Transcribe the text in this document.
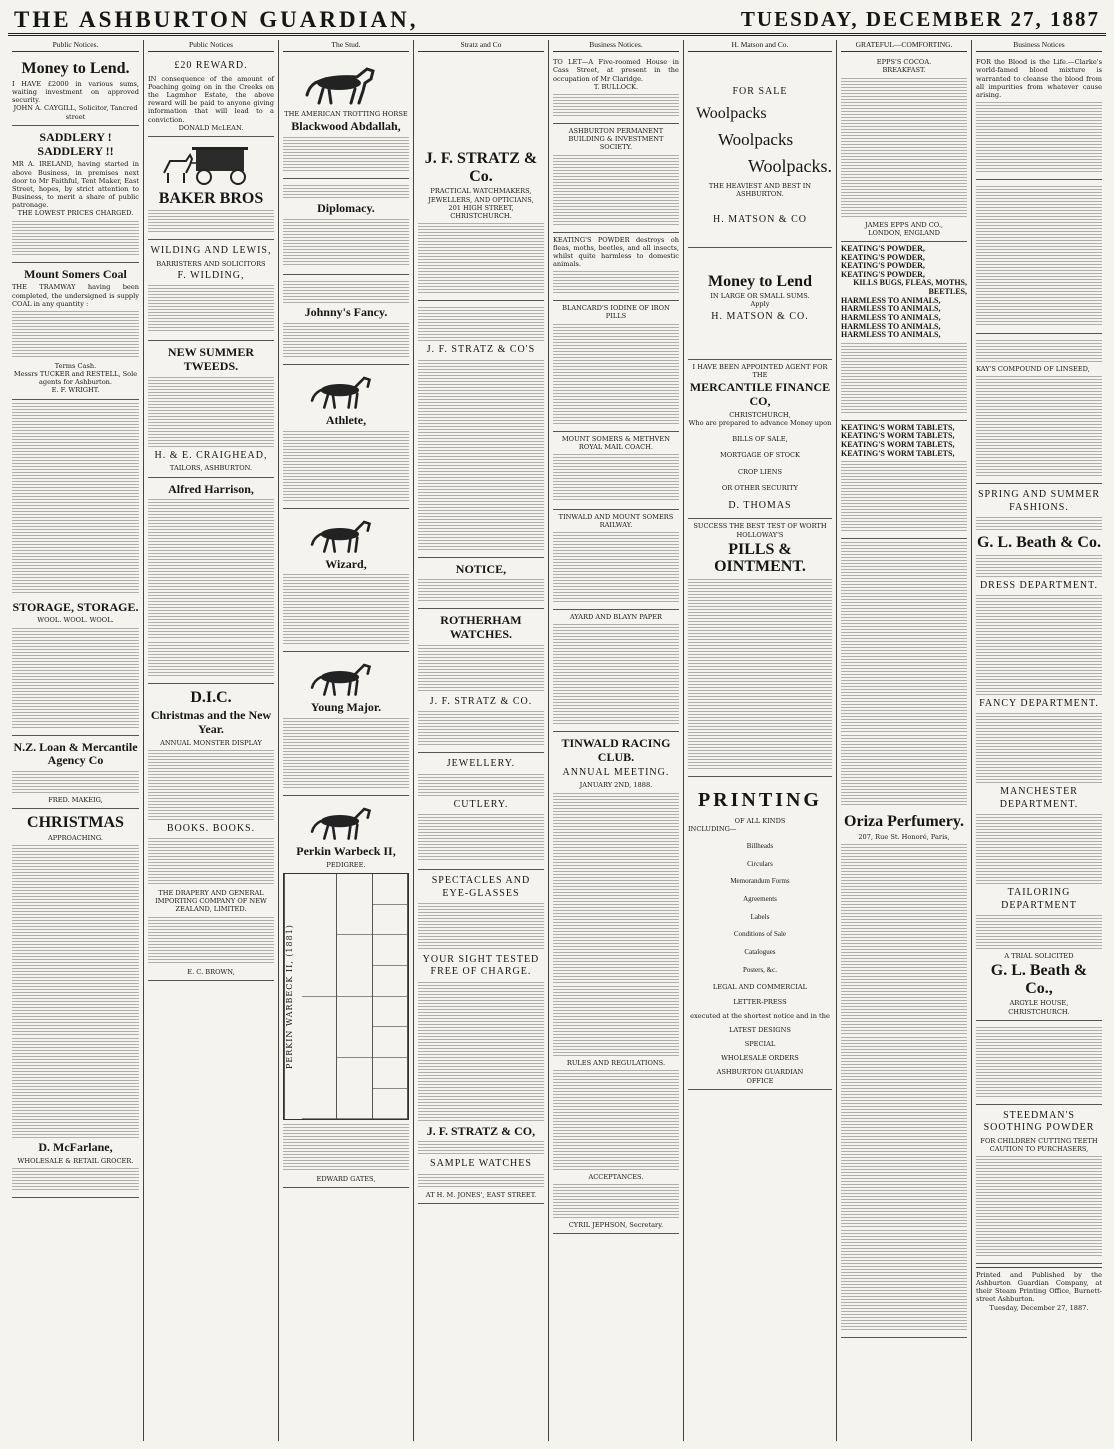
THE ASHBURTON GUARDIAN,	TUESDAY, DECEMBER 27, 1887
Public Notices.
Money to Lend.
I HAVE £2000 in various sums, waiting investment on approved security.
JOHN A. CAYGILL, Solicitor, Tancred street
SADDLERY ! SADDLERY !!
MR A. IRELAND, having started in above Business, in premises next door to Mr Faithful, Tent Maker, East Street, hopes, by strict attention to Business, to merit a share of public patronage.
THE LOWEST PRICES CHARGED.
Mount Somers Coal
THE TRAMWAY having been completed, the undersigned is supply COAL in any quantity :
Terms Cash.
Messrs TUCKER and RESTELL, Sole agents for Ashburton.
E. F. WRIGHT.
STORAGE, STORAGE.
WOOL. WOOL. WOOL.
N.Z. Loan & Mercantile Agency Co
FRED. MAKEIG,
CHRISTMAS
APPROACHING.
D. McFarlane,
WHOLESALE & RETAIL GROCER.
Public Notices
£20 REWARD.
IN consequence of the amount of Poaching going on in the Creeks on the Lagmhor Estate, the above reward will be paid to anyone giving information that will lead to a conviction.
DONALD McLEAN.
BAKER BROS
WILDING AND LEWIS,
BARRISTERS AND SOLICITORS
F. WILDING,
NEW SUMMER TWEEDS.
H. & E. CRAIGHEAD,
TAILORS, ASHBURTON.
Alfred Harrison,
D.I.C.
Christmas and the New Year.
ANNUAL MONSTER DISPLAY
BOOKS. BOOKS.
THE DRAPERY AND GENERAL IMPORTING COMPANY OF NEW ZEALAND, LIMITED.
E. C. BROWN,
The Stud.
THE AMERICAN TROTTING HORSE
Blackwood Abdallah,
Diplomacy.
Johnny's Fancy.
Athlete,
Wizard,
Young Major.
Perkin Warbeck II,
PEDIGREE.
PERKIN WARBECK II, (1881)
EDWARD GATES,
Stratz and Co
J. F. STRATZ & Co.
PRACTICAL WATCHMAKERS, JEWELLERS, AND OPTICIANS,
201 HIGH STREET, CHRISTCHURCH.
J. F. STRATZ & CO'S
NOTICE,
ROTHERHAM WATCHES.
J. F. STRATZ & CO.
JEWELLERY.
CUTLERY.
SPECTACLES AND EYE-GLASSES
YOUR SIGHT TESTED FREE OF CHARGE.
J. F. STRATZ & CO,
SAMPLE WATCHES
AT H. M. JONES', EAST STREET.
Business Notices.
TO LET—A Five-roomed House in Cass Street, at present in the occupation of Mr Claridge.
T. BULLOCK.
ASHBURTON PERMANENT BUILDING & INVESTMENT SOCIETY.
KEATING'S POWDER destroys oh fleas, moths, beetles, and all insects, whilst quite harmless to domestic animals.
BLANCARD'S IODINE OF IRON PILLS
MOUNT SOMERS & METHVEN ROYAL MAIL COACH.
TINWALD AND MOUNT SOMERS RAILWAY.
AYARD AND BLAYN PAPER
TINWALD RACING CLUB.
ANNUAL MEETING.
JANUARY 2ND, 1888.
RULES AND REGULATIONS.
ACCEPTANCES.
CYRIL JEPHSON, Secretary.
H. Matson and Co.
FOR SALE
Woolpacks
Woolpacks
Woolpacks.
THE HEAVIEST AND BEST IN ASHBURTON.
H. MATSON & CO
Money to Lend
IN LARGE OR SMALL SUMS.
Apply
H. MATSON & CO.
I HAVE BEEN APPOINTED AGENT FOR THE
MERCANTILE FINANCE CO,
CHRISTCHURCH,
Who are prepared to advance Money upon
BILLS OF SALE,
MORTGAGE OF STOCK
CROP LIENS
OR OTHER SECURITY
D. THOMAS
SUCCESS THE BEST TEST OF WORTH
HOLLOWAY'S
PILLS & OINTMENT.
PRINTING
OF ALL KINDS
INCLUDING—
Billheads
Circulars
Memorandum Forms
Agreements
Labels
Conditions of Sale
Catalogues
Posters, &c.
LEGAL AND COMMERCIAL
LETTER-PRESS
executed at the shortest notice and in the
LATEST DESIGNS
SPECIAL
WHOLESALE ORDERS
ASHBURTON GUARDIAN
OFFICE
GRATEFUL—COMFORTING.
EPPS'S COCOA.
BREAKFAST.
JAMES EPPS AND CO.,
LONDON, ENGLAND
KEATING'S POWDER,
KEATING'S POWDER,
KEATING'S POWDER,
KEATING'S POWDER,
KILLS BUGS, FLEAS, MOTHS, BEETLES,
HARMLESS TO ANIMALS,
HARMLESS TO ANIMALS,
HARMLESS TO ANIMALS,
HARMLESS TO ANIMALS,
HARMLESS TO ANIMALS,
KEATING'S WORM TABLETS,
KEATING'S WORM TABLETS,
KEATING'S WORM TABLETS,
KEATING'S WORM TABLETS,
Oriza Perfumery.
207, Rue St. Honoré, Paris,
Business Notices
FOR the Blood is the Life.—Clarke's world-famed blood mixture is warranted to cleanse the blood from all impurities from whatever cause arising.
KAY'S COMPOUND OF LINSEED,
SPRING AND SUMMER FASHIONS.
G. L. Beath & Co.
DRESS DEPARTMENT.
FANCY DEPARTMENT.
MANCHESTER DEPARTMENT.
TAILORING DEPARTMENT
A TRIAL SOLICITED
G. L. Beath & Co.,
ARGYLE HOUSE,
CHRISTCHURCH.
STEEDMAN'S SOOTHING POWDER
FOR CHILDREN CUTTING TEETH
CAUTION TO PURCHASERS,
Printed and Published by the Ashburton Guardian Company, at their Steam Printing Office, Burnett-street Ashburton.
Tuesday, December 27, 1887.
